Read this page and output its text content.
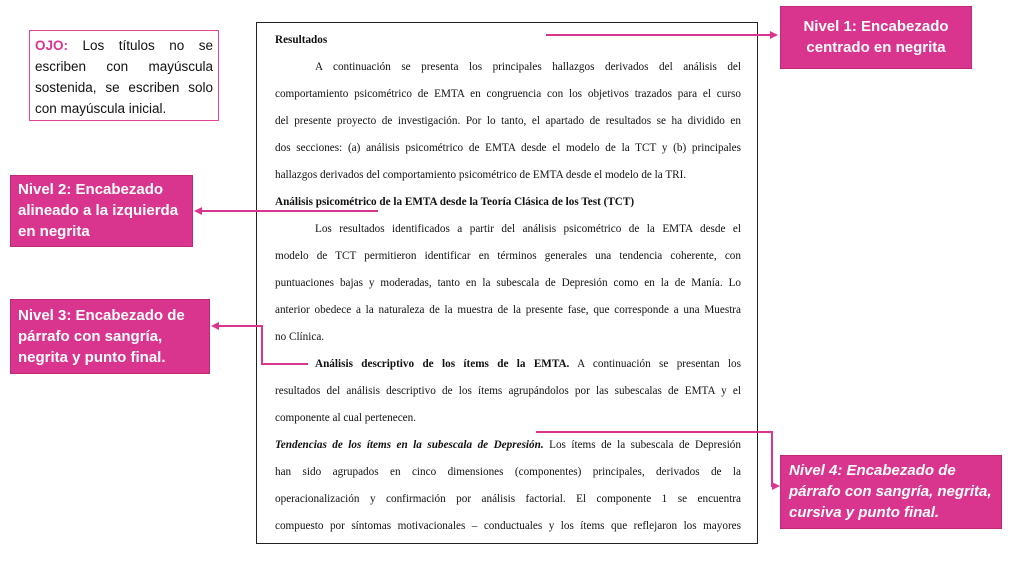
OJO: Los títulos no se escriben con mayúscula sostenida, se escriben solo con mayúscula inicial.
Resultados
A continuación se presenta los principales hallazgos derivados del análisis del
comportamiento psicométrico de EMTA en congruencia con los objetivos trazados para el curso
del presente proyecto de investigación. Por lo tanto, el apartado de resultados se ha dividido en
dos secciones: (a) análisis psicométrico de EMTA desde el modelo de la TCT y (b) principales
hallazgos derivados del comportamiento psicométrico de EMTA desde el modelo de la TRI.
Análisis psicométrico de la EMTA desde la Teoría Clásica de los Test (TCT)
Los resultados identificados a partir del análisis psicométrico de la EMTA desde el
modelo de TCT permitieron identificar en términos generales una tendencia coherente, con
puntuaciones bajas y moderadas, tanto en la subescala de Depresión como en la de Manía. Lo
anterior obedece a la naturaleza de la muestra de la presente fase, que corresponde a una Muestra
no Clínica.
Análisis descriptivo de los ítems de la EMTA. A continuación se presentan los
resultados del análisis descriptivo de los ítems agrupándolos por las subescalas de EMTA y el
componente al cual pertenecen.
Tendencias de los ítems en la subescala de Depresión. Los ítems de la subescala de Depresión
han sido agrupados en cinco dimensiones (componentes) principales, derivados de la
operacionalización y confirmación por análisis factorial. El componente 1 se encuentra
compuesto por síntomas motivacionales – conductuales y los ítems que reflejaron los mayores
Nivel 1: Encabezado centrado en negrita
Nivel 2: Encabezado alineado a la izquierda en negrita
Nivel 3: Encabezado de párrafo con sangría, negrita y punto final.
Nivel 4: Encabezado de párrafo con sangría, negrita, cursiva y punto final.
